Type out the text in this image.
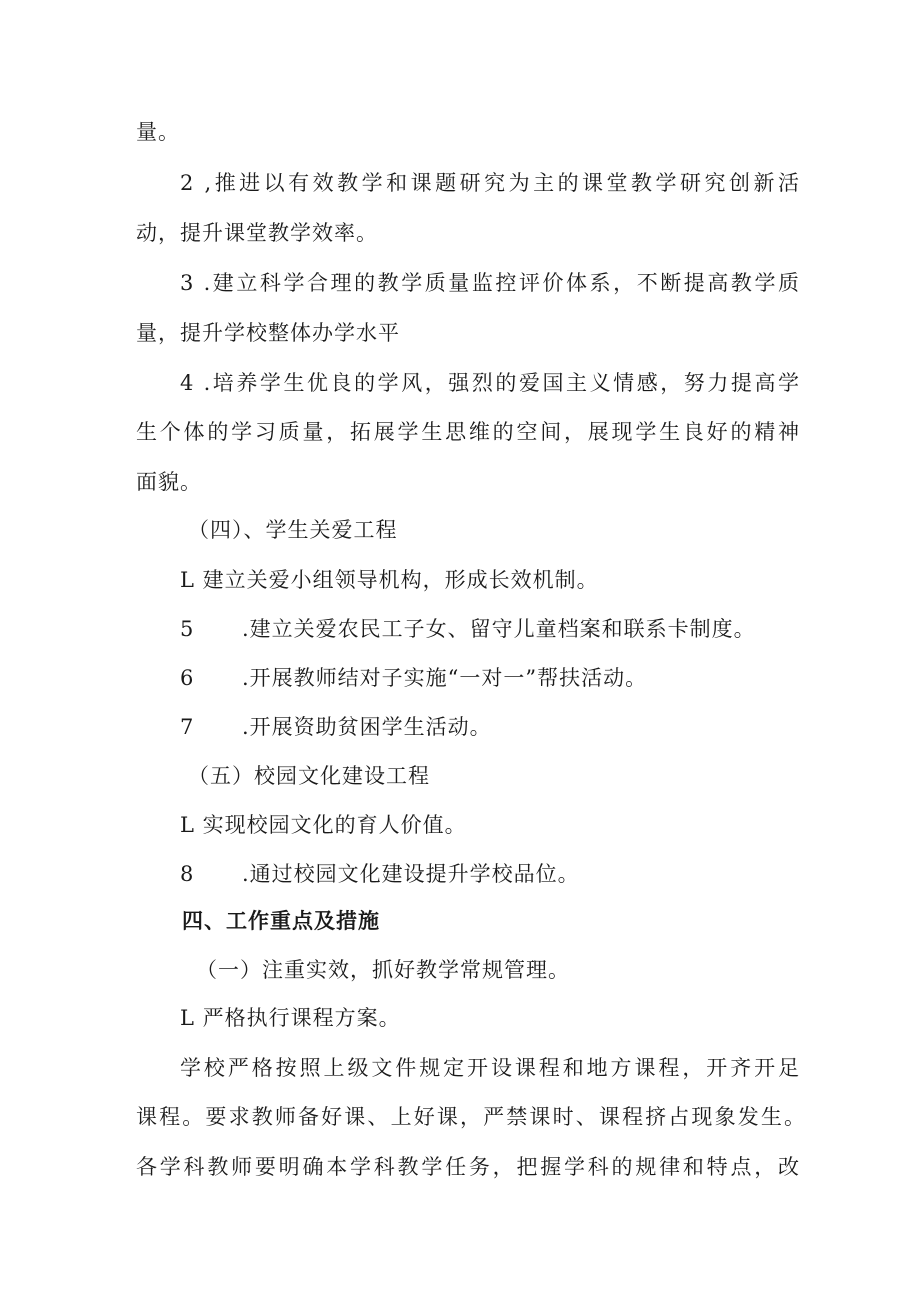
量。
2 ,推进以有效教学和课题研究为主的课堂教学研究创新活
动，提升课堂教学效率。
3 .建立科学合理的教学质量监控评价体系，不断提高教学质
量，提升学校整体办学水平
4 .培养学生优良的学风，强烈的爱国主义情感，努力提高学
生个体的学习质量，拓展学生思维的空间，展现学生良好的精神
面貌。
（四）、学生关爱工程
L 建立关爱小组领导机构，形成长效机制。
5 .建立关爱农民工子女、留守儿童档案和联系卡制度。
6 .开展教师结对子实施“一对一”帮扶活动。
7 .开展资助贫困学生活动。
（五）校园文化建设工程
L 实现校园文化的育人价值。
8 .通过校园文化建设提升学校品位。
四、工作重点及措施
（一）注重实效，抓好教学常规管理。
L 严格执行课程方案。
学校严格按照上级文件规定开设课程和地方课程，开齐开足
课程。要求教师备好课、上好课，严禁课时、课程挤占现象发生。
各学科教师要明确本学科教学任务，把握学科的规律和特点，改
